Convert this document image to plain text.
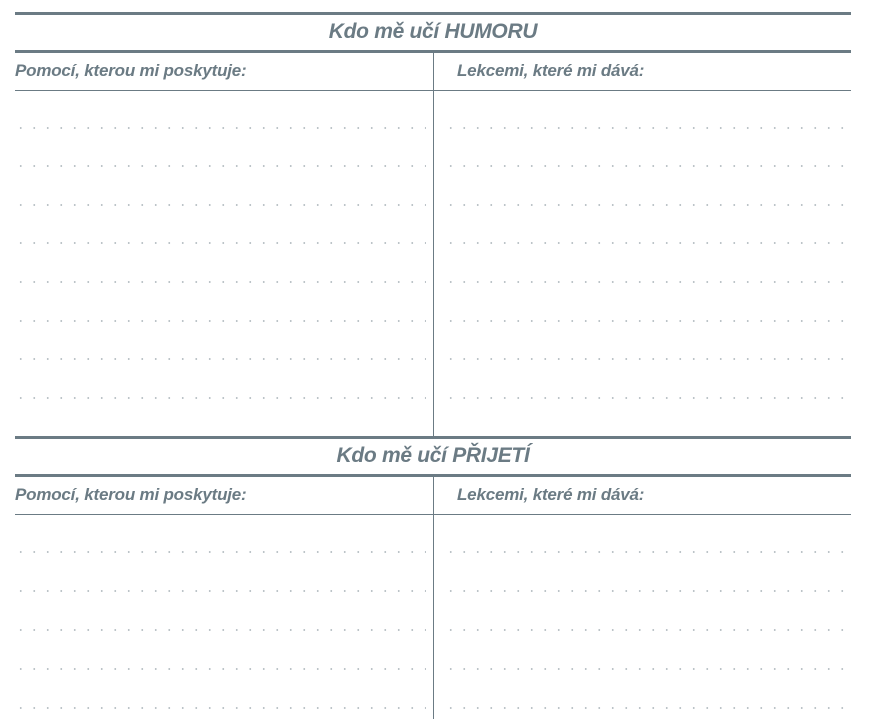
Kdo mě učí HUMORU
Pomocí, kterou mi poskytuje:	Lekcemi, které mi dává:
Kdo mě učí PŘIJETÍ
Pomocí, kterou mi poskytuje:	Lekcemi, které mi dává:
